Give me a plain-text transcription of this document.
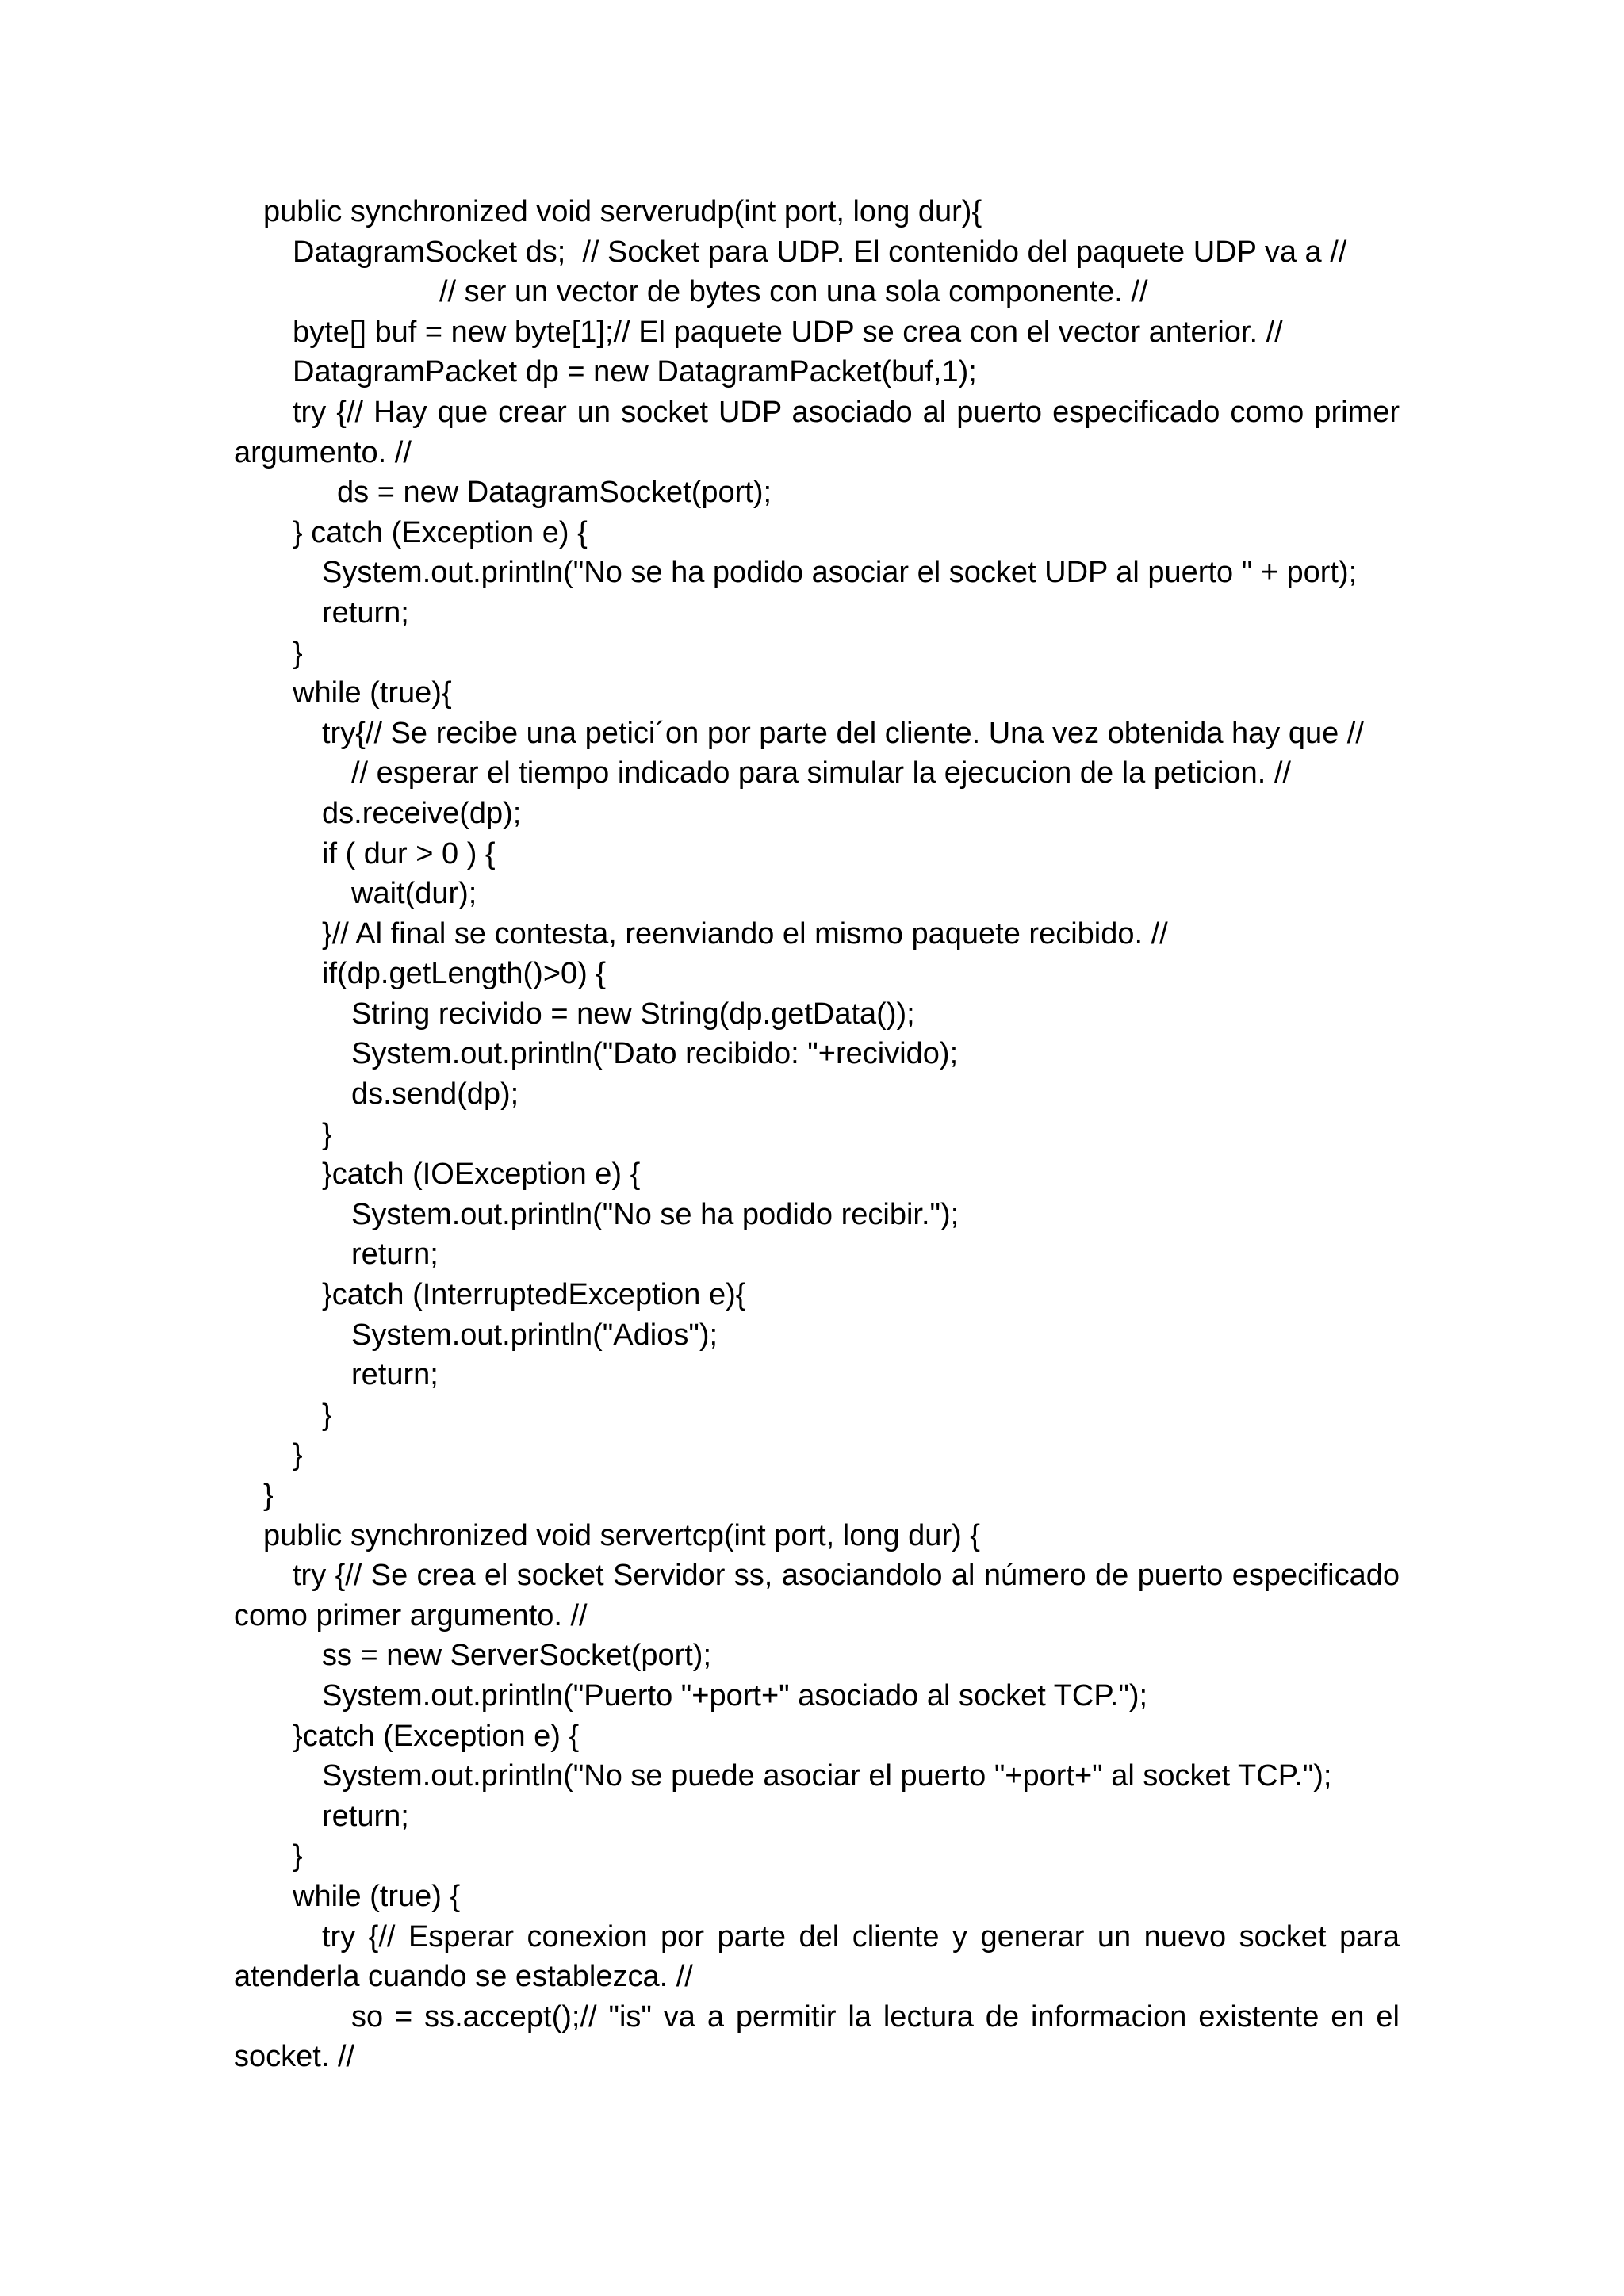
public synchronized void serverudp(int port, long dur){
DatagramSocket ds;  // Socket para UDP. El contenido del paquete UDP va a //
// ser un vector de bytes con una sola componente. //
byte[] buf = new byte[1];// El paquete UDP se crea con el vector anterior. //
DatagramPacket dp = new DatagramPacket(buf,1);
try {// Hay que crear un socket UDP asociado al puerto especificado como primer
argumento. //
ds = new DatagramSocket(port);
} catch (Exception e) {
System.out.println("No se ha podido asociar el socket UDP al puerto " + port);
return;
}
while (true){
try{// Se recibe una petici´on por parte del cliente. Una vez obtenida hay que //
// esperar el tiempo indicado para simular la ejecucion de la peticion. //
ds.receive(dp);
if ( dur > 0 ) {
wait(dur);
}// Al final se contesta, reenviando el mismo paquete recibido. //
if(dp.getLength()>0) {
String recivido = new String(dp.getData());
System.out.println("Dato recibido: "+recivido);
ds.send(dp);
}
}catch (IOException e) {
System.out.println("No se ha podido recibir.");
return;
}catch (InterruptedException e){
System.out.println("Adios");
return;
}
}
}
public synchronized void servertcp(int port, long dur) {
try {// Se crea el socket Servidor ss, asociandolo al número de puerto especificado
como primer argumento. //
ss = new ServerSocket(port);
System.out.println("Puerto "+port+" asociado al socket TCP.");
}catch (Exception e) {
System.out.println("No se puede asociar el puerto "+port+" al socket TCP.");
return;
}
while (true) {
try {// Esperar conexion por parte del cliente y generar un nuevo socket para
atenderla cuando se establezca. //
so = ss.accept();// "is" va a permitir la lectura de informacion existente en el
socket. //
